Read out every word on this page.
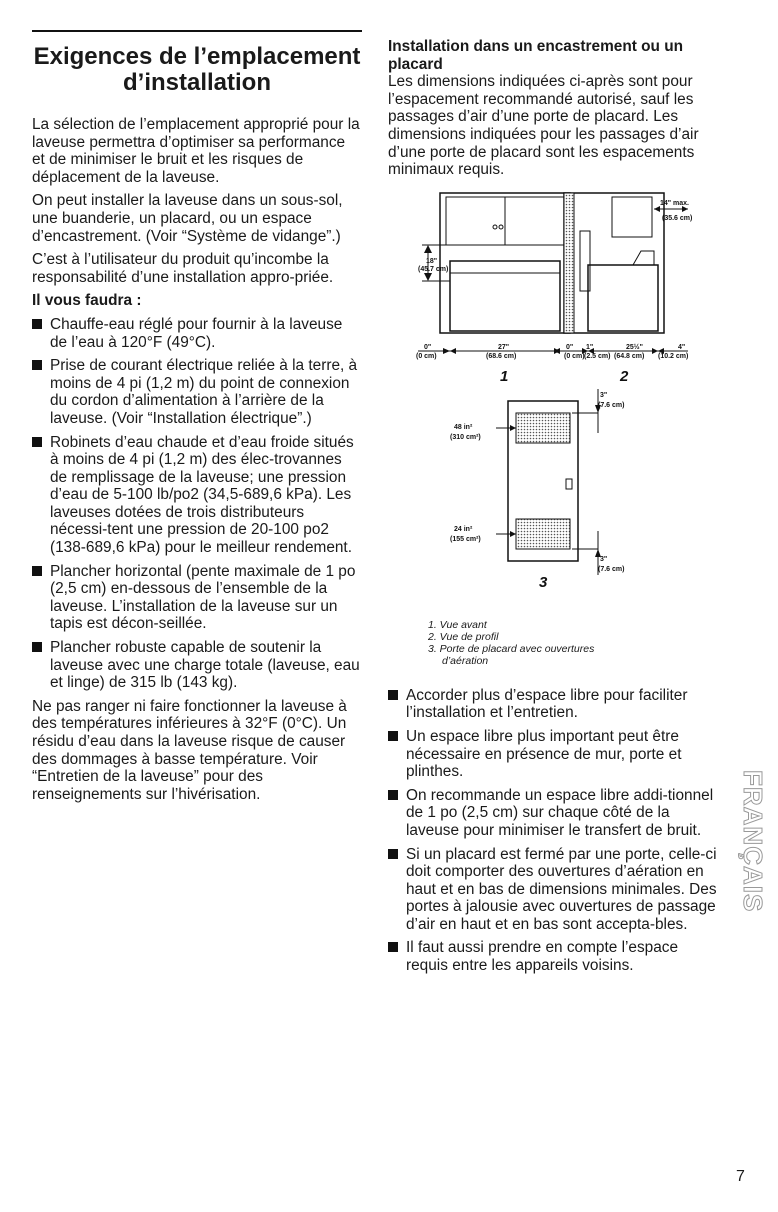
Exigences de l’emplacement d’installation

La sélection de l’emplacement approprié pour la laveuse permettra d’optimiser sa performance et de minimiser le bruit et les risques de déplacement de la laveuse.

On peut installer la laveuse dans un sous-sol, une buanderie, un placard, ou un espace d’encastrement. (Voir “Système de vidange”.)

C’est à l’utilisateur du produit qu’incombe la responsabilité d’une installation appro-priée.

Il vous faudra :

Chauffe-eau réglé pour fournir à la laveuse de l’eau à 120°F (49°C).
Prise de courant électrique reliée à la terre, à moins de 4 pi (1,2 m) du point de connexion du cordon d’alimentation à l’arrière de la laveuse. (Voir “Installation électrique”.)
Robinets d’eau chaude et d’eau froide situés à moins de 4 pi (1,2 m) des élec-trovannes de remplissage de la laveuse; une pression d’eau de 5-100 lb/po2 (34,5-689,6 kPa). Les laveuses dotées de trois distributeurs nécessi-tent une pression de 20-100 po2 (138-689,6 kPa) pour le meilleur rendement.
Plancher horizontal (pente maximale de 1 po (2,5 cm) en-dessous de l’ensemble de la laveuse. L’installation de la laveuse sur un tapis est décon-seillée.
Plancher robuste capable de soutenir la laveuse avec une charge totale (laveuse, eau et linge) de 315 lb (143 kg).

Ne pas ranger ni faire fonctionner la laveuse à des températures inférieures à 32°F (0°C). Un résidu d’eau dans la laveuse risque de causer des dommages à basse température. Voir “Entretien de la laveuse” pour des renseignements sur l’hivérisation.

Installation dans un encastrement ou un placard

Les dimensions indiquées ci-après sont pour l’espacement recommandé autorisé, sauf les passages d’air d’une porte de placard. Les dimensions indiquées pour les passages d’air d’une porte de placard sont les espacements minimaux requis.

18"
(45.7 cm)
0"
(0 cm)
27"
(68.6 cm)
0"
(0 cm)
1
14" max.
(35.6 cm)
1"
(2.5 cm)
25½"
(64.8 cm)
4"
(10.2 cm)
2
3"
(7.6 cm)
3"
(7.6 cm)
48 in²
(310 cm²)
24 in²
(155 cm²)
3
1. Vue avant
2. Vue de profil
3. Porte de placard avec ouvertures
d’aération
Accorder plus d’espace libre pour faciliter l’installation et l’entretien.
Un espace libre plus important peut être nécessaire en présence de mur, porte et plinthes.
On recommande un espace libre addi-tionnel de 1 po (2,5 cm) sur chaque côté de la laveuse pour minimiser le transfert de bruit.
Si un placard est fermé par une porte, celle-ci doit comporter des ouvertures d’aération en haut et en bas de dimensions minimales. Des portes à jalousie avec ouvertures de passage d’air en haut et en bas sont accepta-bles.
Il faut aussi prendre en compte l’espace requis entre les appareils voisins.
FRANÇAIS
7
